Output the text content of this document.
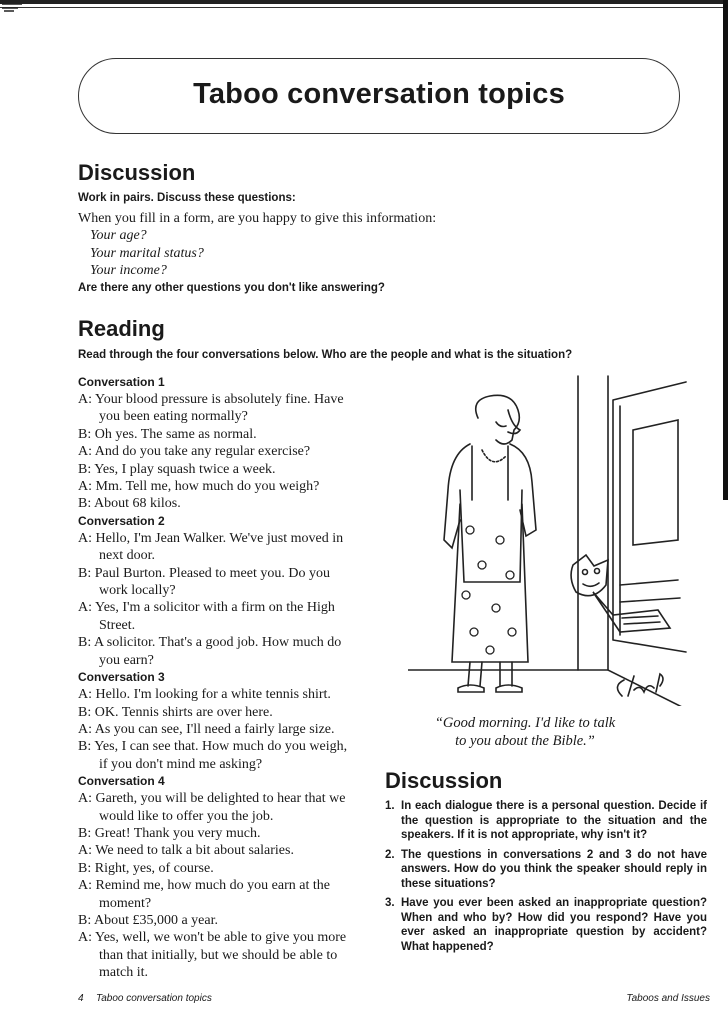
Taboo conversation topics
Discussion
Work in pairs. Discuss these questions:
When you fill in a form, are you happy to give this information:
Your age?
Your marital status?
Your income?
Are there any other questions you don't like answering?
Reading
Read through the four conversations below. Who are the people and what is the situation?
Conversation 1
A: Your blood pressure is absolutely fine. Have
you been eating normally?
B: Oh yes. The same as normal.
A: And do you take any regular exercise?
B: Yes, I play squash twice a week.
A: Mm. Tell me, how much do you weigh?
B: About 68 kilos.
Conversation 2
A: Hello, I'm Jean Walker. We've just moved in
next door.
B: Paul Burton. Pleased to meet you. Do you
work locally?
A: Yes, I'm a solicitor with a firm on the High
Street.
B: A solicitor. That's a good job. How much do
you earn?
Conversation 3
A: Hello. I'm looking for a white tennis shirt.
B: OK. Tennis shirts are over here.
A: As you can see, I'll need a fairly large size.
B: Yes, I can see that. How much do you weigh,
if you don't mind me asking?
Conversation 4
A: Gareth, you will be delighted to hear that we
would like to offer you the job.
B: Great! Thank you very much.
A: We need to talk a bit about salaries.
B: Right, yes, of course.
A: Remind me, how much do you earn at the
moment?
B: About £35,000 a year.
A: Yes, well, we won't be able to give you more
than that initially, but we should be able to
match it.
Clive
“Good morning. I'd like to talk
to you about the Bible.”
Discussion
1. In each dialogue there is a personal question. Decide if the question is appropriate to the situation and the speakers. If it is not appropriate, why isn't it?
2. The questions in conversations 2 and 3 do not have answers. How do you think the speaker should reply in these situations?
3. Have you ever been asked an inappropriate question? When and who by? How did you respond? Have you ever asked an inappropriate question by accident? What happened?
4 Taboo conversation topics	Taboos and Issues
